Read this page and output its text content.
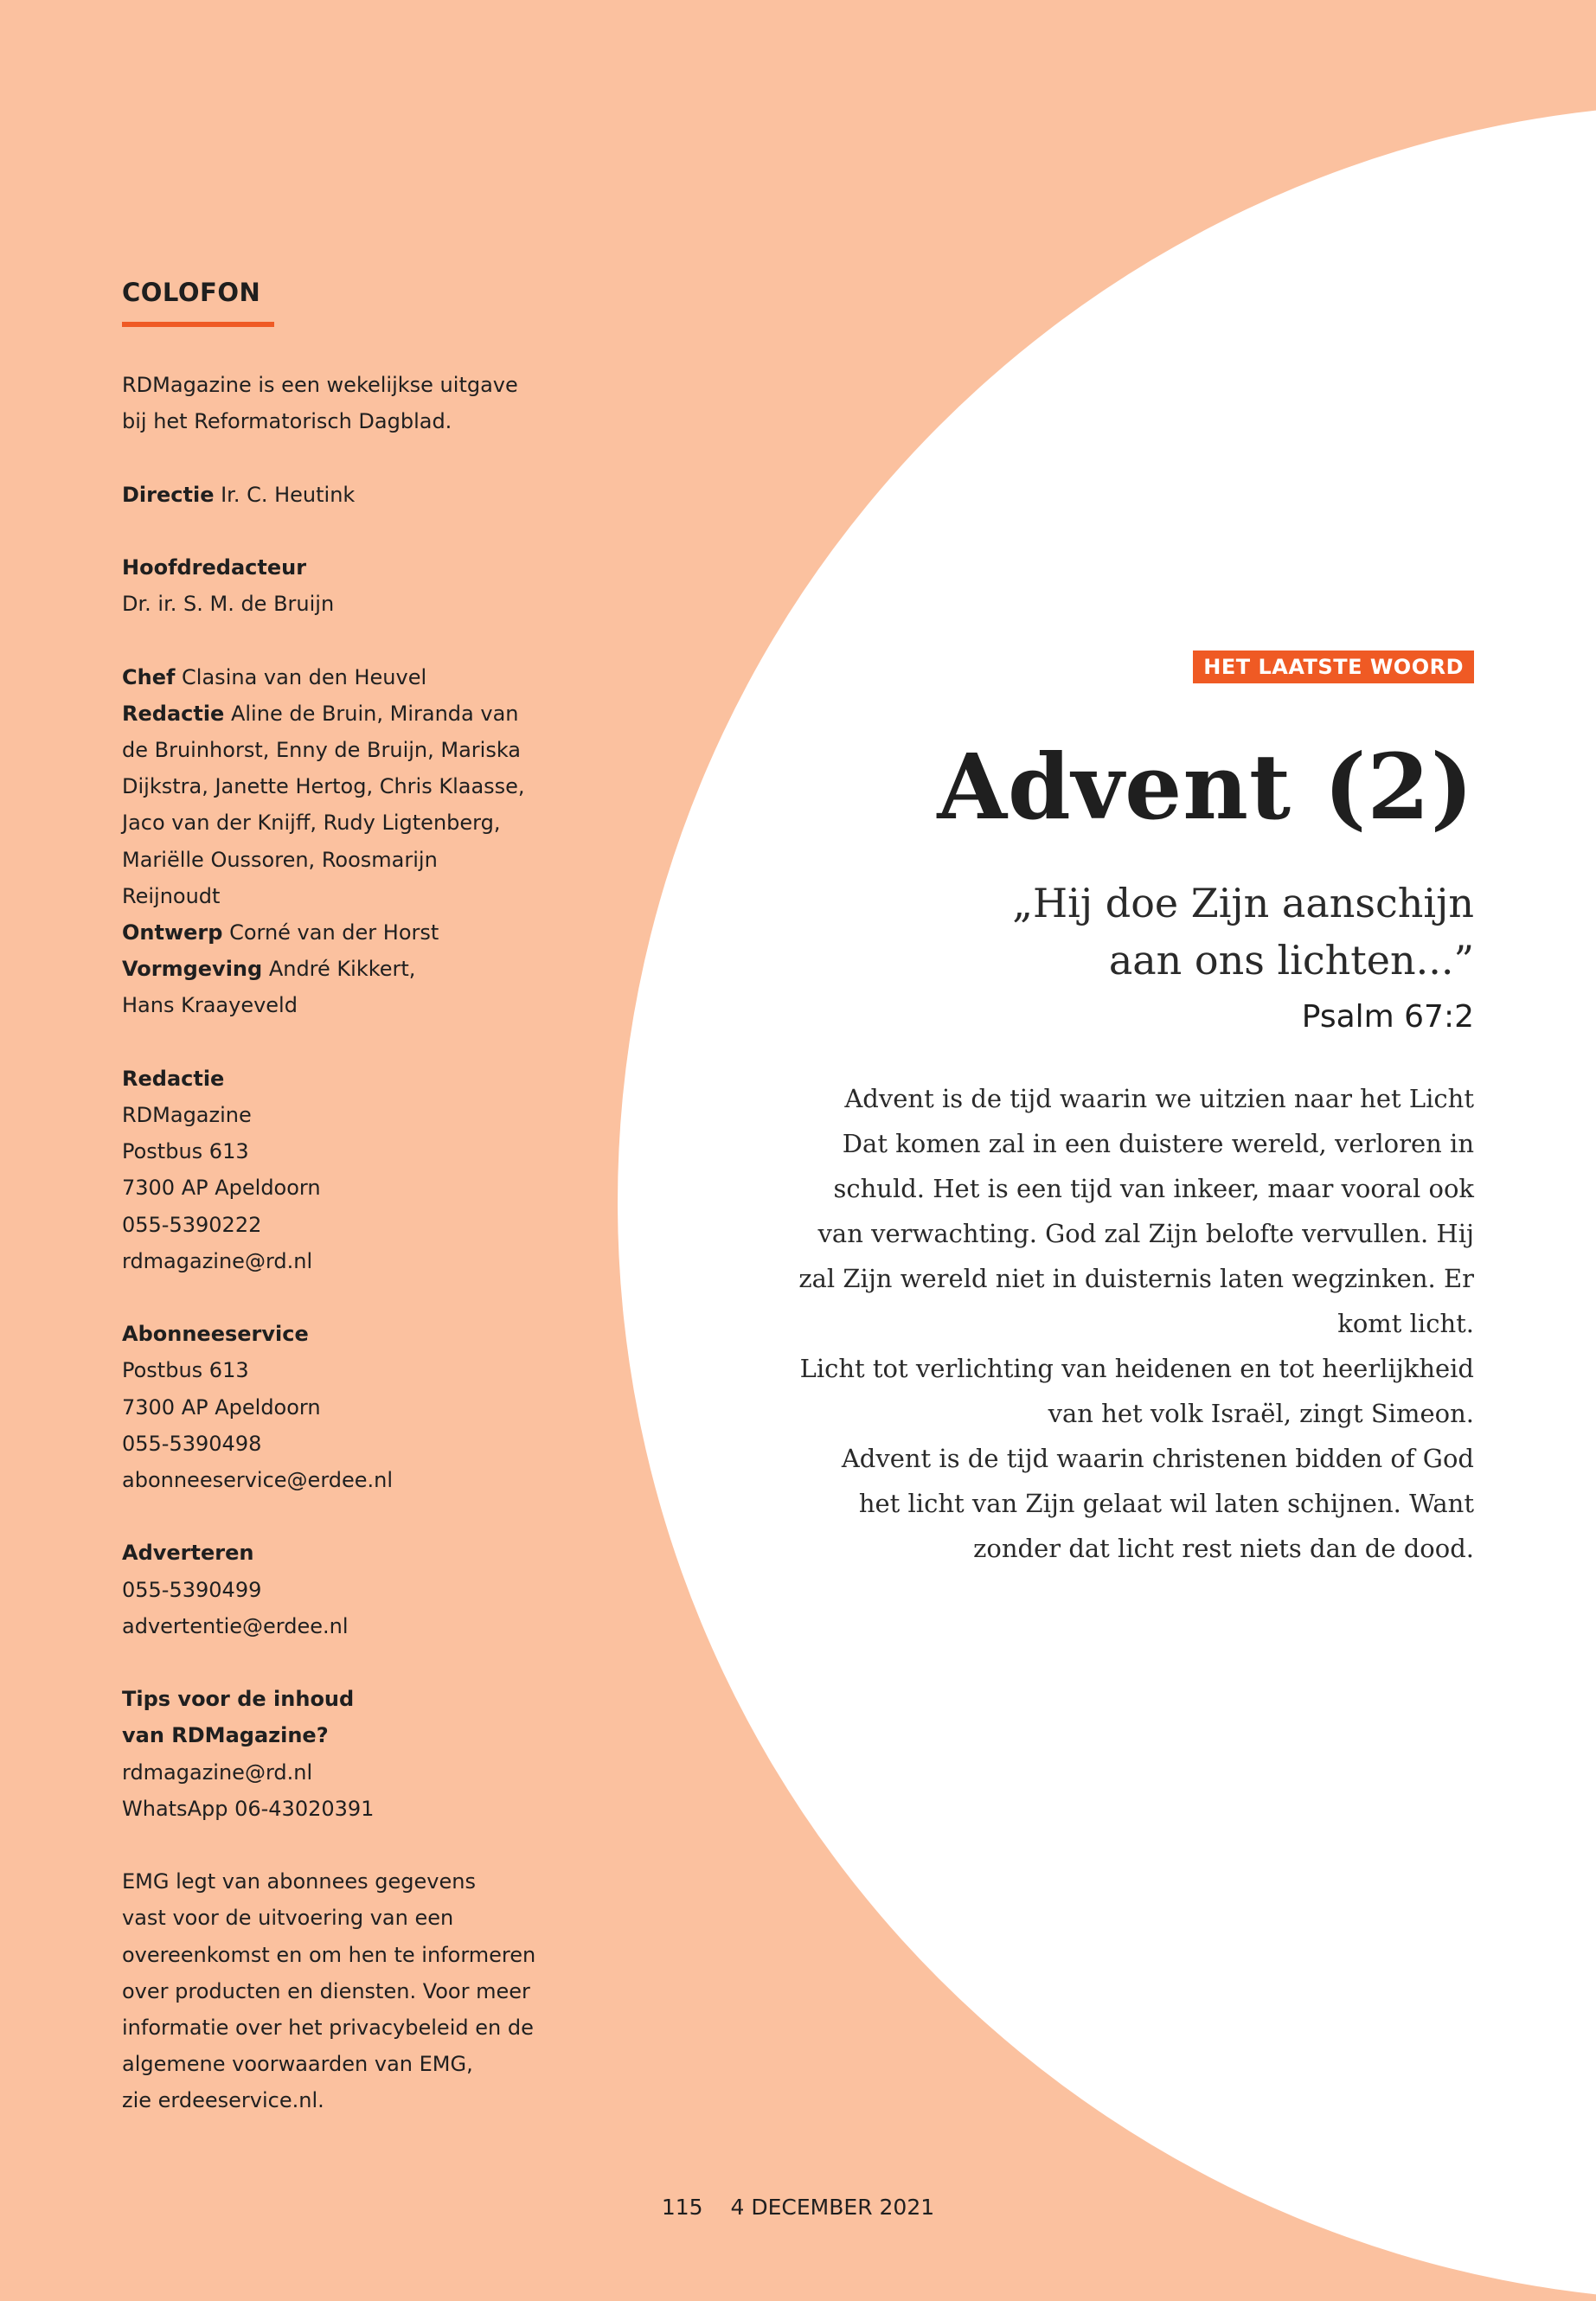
COLOFON
RDMagazine is een wekelijkse uitgave
bij het Reformatorisch Dagblad.
Directie Ir. C. Heutink
Hoofdredacteur
Dr. ir. S. M. de Bruijn
Chef Clasina van den Heuvel
Redactie Aline de Bruin, Miranda van
de Bruinhorst, Enny de Bruijn, Mariska
Dijkstra, Janette Hertog, Chris Klaasse,
Jaco van der Knijff, Rudy Ligtenberg,
Mariëlle Oussoren, Roosmarijn
Reijnoudt
Ontwerp Corné van der Horst
Vormgeving André Kikkert,
Hans Kraayeveld
Redactie
RDMagazine
Postbus 613
7300 AP Apeldoorn
055-5390222
rdmagazine@rd.nl
Abonneeservice
Postbus 613
7300 AP Apeldoorn
055-5390498
abonneeservice@erdee.nl
Adverteren
055-5390499
advertentie@erdee.nl
Tips voor de inhoud
van RDMagazine?
rdmagazine@rd.nl
WhatsApp 06-43020391
EMG legt van abonnees gegevens
vast voor de uitvoering van een
overeenkomst en om hen te informeren
over producten en diensten. Voor meer
informatie over het privacybeleid en de
algemene voorwaarden van EMG,
zie erdeeservice.nl.
HET LAATSTE WOORD
Advent (2)
„Hij doe Zijn aanschijn
aan ons lichten...”
Psalm 67:2
Advent is de tijd waarin we uitzien naar het Licht
Dat komen zal in een duistere wereld, verloren in
schuld. Het is een tijd van inkeer, maar vooral ook
van verwachting. God zal Zijn belofte vervullen. Hij
zal Zijn wereld niet in duisternis laten wegzinken. Er
komt licht.
Licht tot verlichting van heidenen en tot heerlijkheid
van het volk Israël, zingt Simeon.
Advent is de tijd waarin christenen bidden of God
het licht van Zijn gelaat wil laten schijnen. Want
zonder dat licht rest niets dan de dood.
115 4 DECEMBER 2021
